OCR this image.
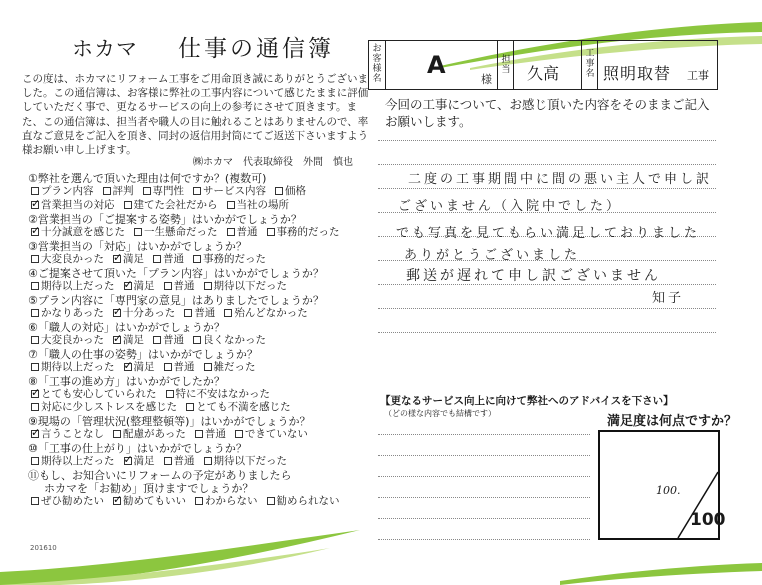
ホカマ 仕事の通信簿
この度は、ホカマにリフォーム工事をご用命頂き誠にありがとうございました。この通信簿は、お客様に弊社の工事内容について感じたままに評価していただく事で、更なるサービスの向上の参考にさせて頂きます。また、この通信簿は、担当者や職人の目に触れることはありませんので、率直なご意見をご記入を頂き、同封の返信用封筒にてご返送下さいますよう様お願い申し上げます。
㈱ホカマ　代表取締役　外間　慎也
①弊社を選んで頂いた理由は何ですか？(複数可)
プラン内容 評判 専門性 サービス内容 価格
✓営業担当の対応 建てた会社だから 当社の場所
②営業担当の「ご提案する姿勢」はいかがでしょうか？
✓十分誠意を感じた 一生懸命だった 普通 事務的だった
③営業担当の「対応」はいかがでしょうか？
大変良かった ✓ 満足 普通 事務的だった
④ご提案させて頂いた「プラン内容」はいかがでしょうか？
期待以上だった ✓ 満足 普通 期待以下だった
⑤プラン内容に「専門家の意見」はありましたでしょうか？
かなりあった ✓ 十分あった 普通 殆んどなかった
⑥「職人の対応」はいかがでしょうか？
大変良かった ✓ 満足 普通 良くなかった
⑦「職人の仕事の姿勢」はいかがでしょうか？
期待以上だった ✓ 満足 普通 雑だった
⑧「工事の進め方」はいかがでしたか？
✓とても安心していられた 特に不安はなかった
対応に少しストレスを感じた とても不満を感じた
⑨現場の「管理状況(整理整頓等)」はいかがでしょうか？
✓言うことなし 配慮があった 普通 できていない
⑩「工事の仕上がり」はいかがでしょうか？
期待以上だった ✓ 満足 普通 期待以下だった
⑪もし、お知合いにリフォームの予定がありましたら
ホカマを「お勧め」頂けますでしょうか？
ぜひ勧めたい ✓ 勧めてもいい わからない 勧められない
お客様名 A
様
担当 久高
工事名 照明取替 工事
今回の工事について、お感じ頂いた内容をそのままご記入お願いします。
二度の工事期間中に間の悪い主人で申し訳
ございません（入院中でした）
でも写真を見てもらい満足しておりました
ありがとうございました
郵送が遅れて申し訳ございません
知子
【更なるサービス向上に向けて弊社へのアドバイスを下さい】
（どの様な内容でも結構です）
満足度は何点ですか？
100.
100
201610
